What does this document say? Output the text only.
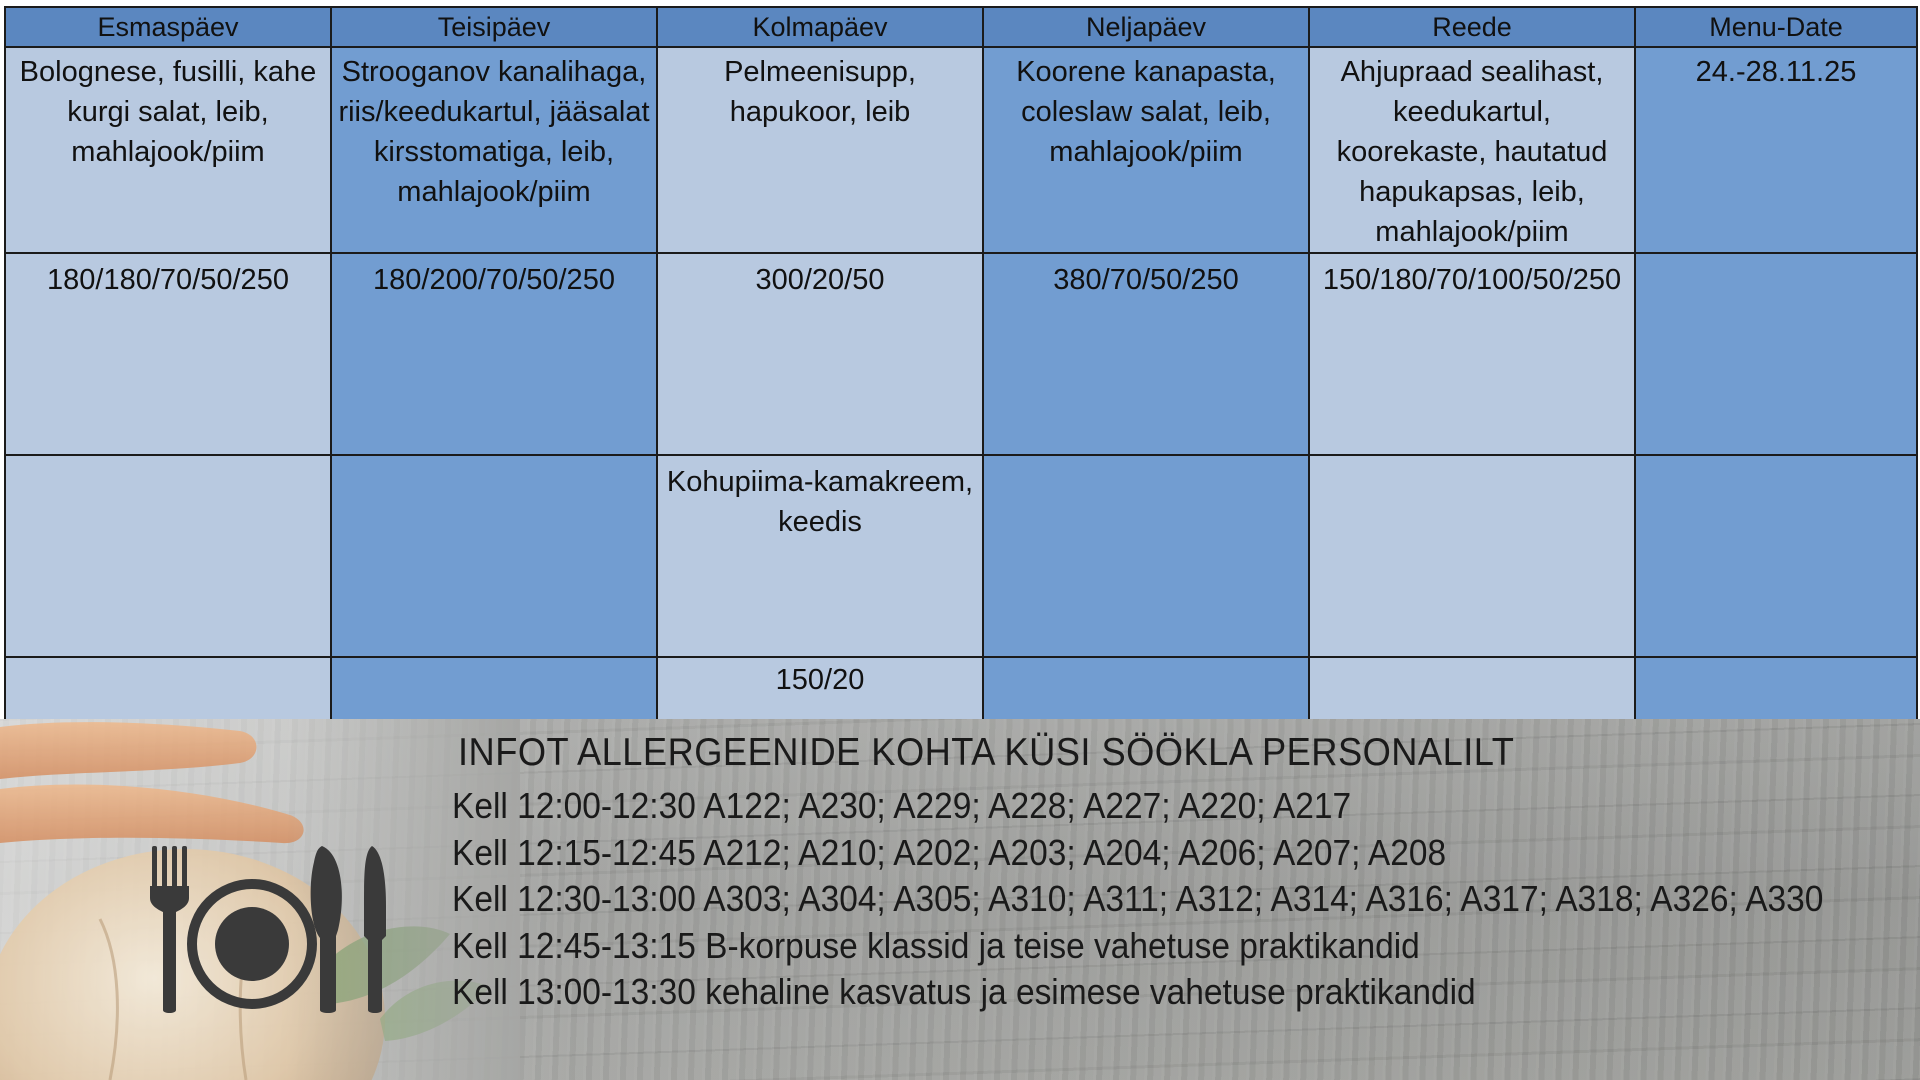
Esmaspäev	Teisipäev	Kolmapäev	Neljapäev	Reede	Menu-Date
Bolognese, fusilli, kahe kurgi salat, leib, mahlajook/piim	Strooganov kanalihaga, riis/keedukartul, jääsalat kirsstomatiga, leib, mahlajook/piim	Pelmeenisupp, hapukoor, leib	Koorene kanapasta, coleslaw salat, leib, mahlajook/piim	Ahjupraad sealihast, keedukartul, koorekaste, hautatud hapukapsas, leib, mahlajook/piim	24.-28.11.25
180/180/70/50/250	180/200/70/50/250	300/20/50	380/70/50/250	150/180/70/100/50/250	
		Kohupiima-kamakreem, keedis			
		150/20			
INFOT ALLERGEENIDE KOHTA KÜSI SÖÖKLA PERSONALILT
Kell 12:00-12:30 A122; A230; A229; A228; A227; A220; A217
Kell 12:15-12:45 A212; A210; A202; A203; A204; A206; A207; A208
Kell 12:30-13:00 A303; A304; A305; A310; A311; A312; A314; A316; A317; A318; A326; A330
Kell 12:45-13:15 B-korpuse klassid ja teise vahetuse praktikandid
Kell 13:00-13:30 kehaline kasvatus ja esimese vahetuse praktikandid
